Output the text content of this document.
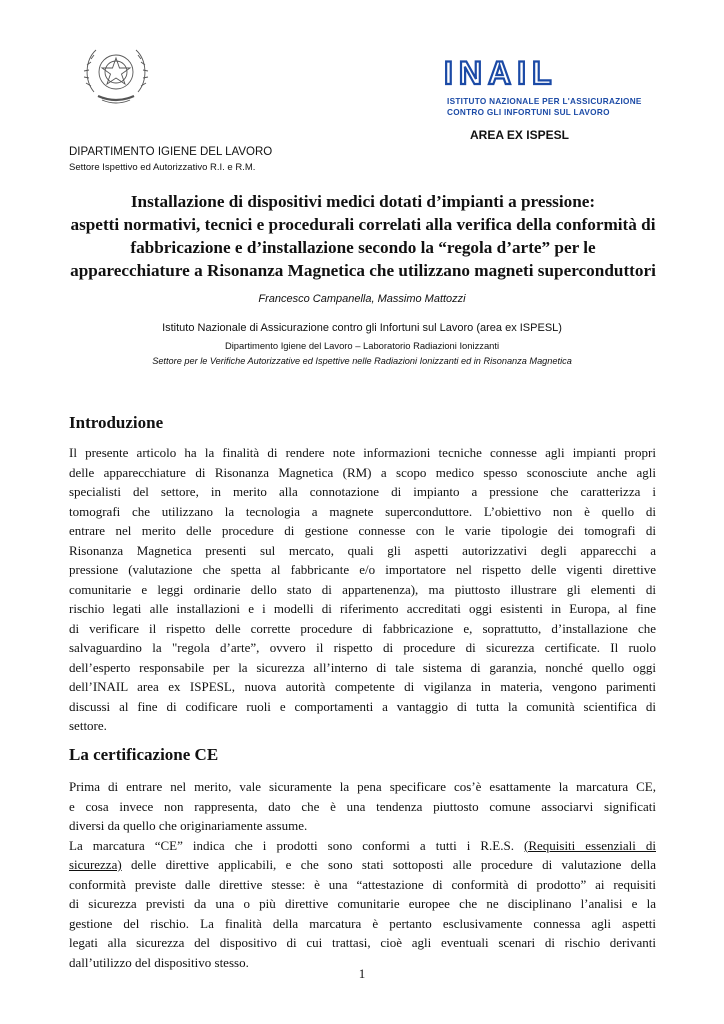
INAIL
ISTITUTO NAZIONALE PER L'ASSICURAZIONE
CONTRO GLI INFORTUNI SUL LAVORO
AREA EX ISPESL
DIPARTIMENTO IGIENE DEL LAVORO
Settore Ispettivo ed Autorizzativo R.I. e R.M.
Installazione di dispositivi medici dotati d’impianti a pressione:
aspetti normativi, tecnici e procedurali correlati alla verifica della conformità di
fabbricazione e d’installazione secondo la “regola d’arte” per le
apparecchiature a Risonanza Magnetica che utilizzano magneti superconduttori
Francesco Campanella, Massimo Mattozzi
Istituto Nazionale di Assicurazione contro gli Infortuni sul Lavoro (area ex ISPESL)
Dipartimento Igiene del Lavoro – Laboratorio Radiazioni Ionizzanti
Settore per le Verifiche Autorizzative ed Ispettive nelle Radiazioni Ionizzanti ed in Risonanza Magnetica
Introduzione
Il presente articolo ha la finalità di rendere note informazioni tecniche connesse agli impianti propri
delle apparecchiature di Risonanza Magnetica (RM) a scopo medico spesso sconosciute anche agli
specialisti del settore, in merito alla connotazione di impianto a pressione che caratterizza i
tomografi che utilizzano la tecnologia a magnete superconduttore. L’obiettivo non è quello di
entrare nel merito delle procedure di gestione connesse con le varie tipologie dei tomografi di
Risonanza Magnetica presenti sul mercato, quali gli aspetti autorizzativi degli apparecchi a
pressione (valutazione che spetta al fabbricante e/o importatore nel rispetto delle vigenti direttive
comunitarie e leggi ordinarie dello stato di appartenenza), ma piuttosto illustrare gli elementi di
rischio legati alle installazioni e i modelli di riferimento accreditati oggi esistenti in Europa, al fine
di verificare il rispetto delle corrette procedure di fabbricazione e, soprattutto, d’installazione che
salvaguardino la "regola d’arte”, ovvero il rispetto di procedure di sicurezza certificate. Il ruolo
dell’esperto responsabile per la sicurezza all’interno di tale sistema di garanzia, nonché quello oggi
dell’INAIL area ex ISPESL, nuova autorità competente di vigilanza in materia, vengono parimenti
discussi al fine di codificare ruoli e comportamenti a vantaggio di tutta la comunità scientifica di
settore.
La certificazione CE
Prima di entrare nel merito, vale sicuramente la pena specificare cos’è esattamente la marcatura CE,
e cosa invece non rappresenta, dato che è una tendenza piuttosto comune associarvi significati
diversi da quello che originariamente assume.
La marcatura “CE” indica che i prodotti sono conformi a tutti i R.E.S. (Requisiti essenziali di
sicurezza) delle direttive applicabili, e che sono stati sottoposti alle procedure di valutazione della
conformità previste dalle direttive stesse: è una “attestazione di conformità di prodotto” ai requisiti
di sicurezza previsti da una o più direttive comunitarie europee che ne disciplinano l’analisi e la
gestione del rischio. La finalità della marcatura è pertanto esclusivamente connessa agli aspetti
legati alla sicurezza del dispositivo di cui trattasi, cioè agli eventuali scenari di rischio derivanti
dall’utilizzo del dispositivo stesso.
1
